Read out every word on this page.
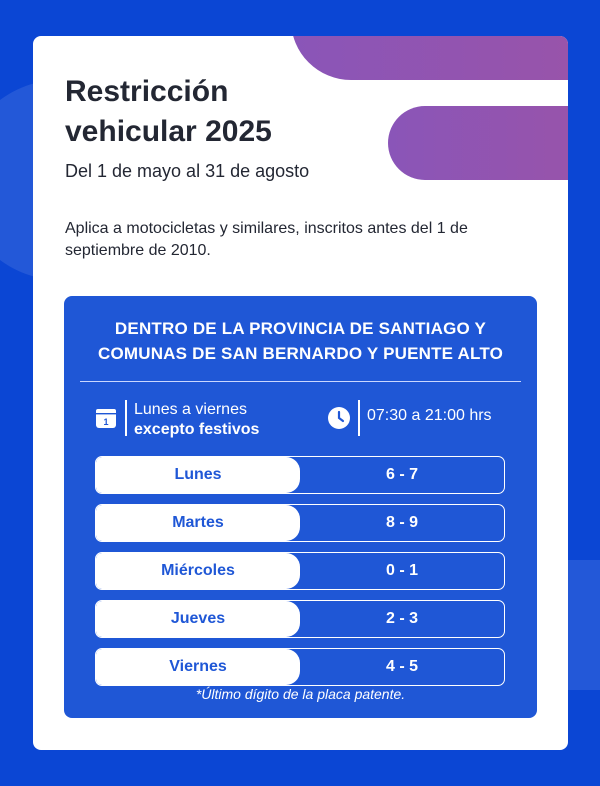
Restricción vehicular 2025
Del 1 de mayo al 31 de agosto
Aplica a motocicletas y similares, inscritos antes del 1 de septiembre de 2010.
DENTRO DE LA PROVINCIA DE SANTIAGO Y
COMUNAS DE SAN BERNARDO Y PUENTE ALTO
1
Lunes a viernes
excepto festivos
07:30 a 21:00 hrs
Lunes	6 - 7
Martes	8 - 9
Miércoles	0 - 1
Jueves	2 - 3
Viernes	4 - 5
*Último dígito de la placa patente.
